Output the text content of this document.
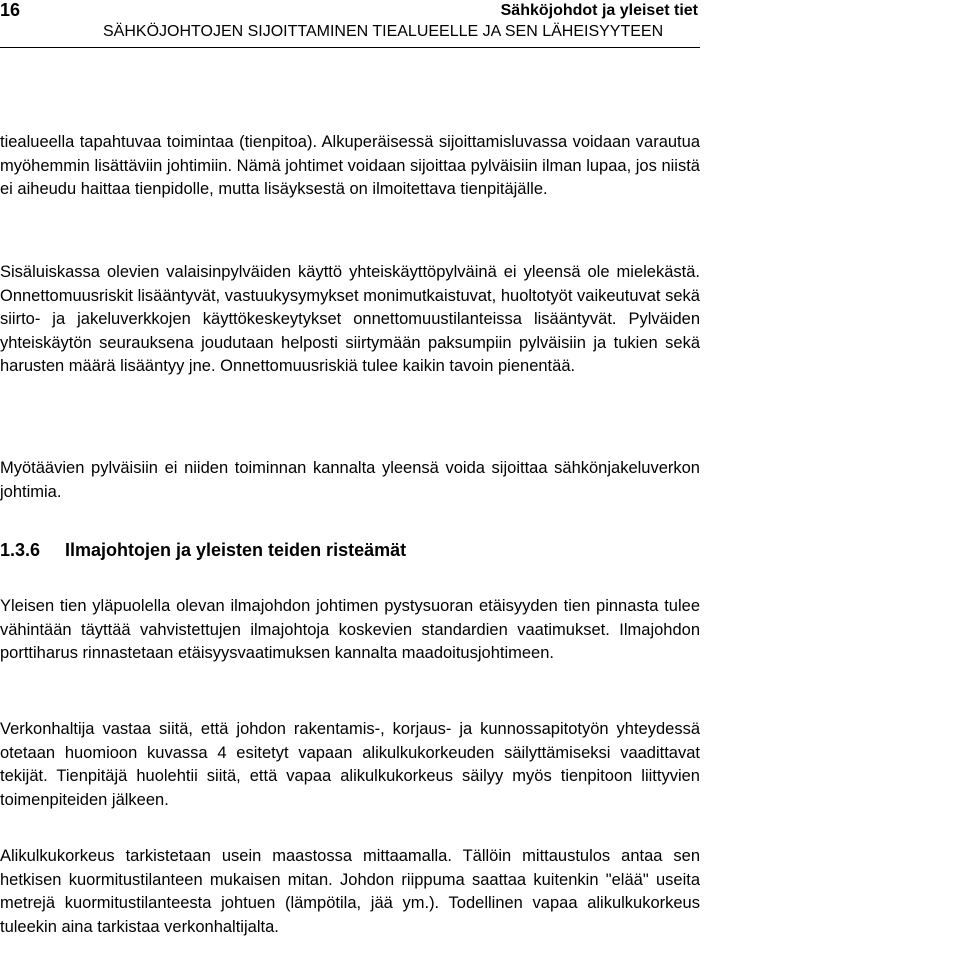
16	Sähköjohdot ja yleiset tiet
SÄHKÖJOHTOJEN SIJOITTAMINEN TIEALUEELLE JA SEN LÄHEISYYTEEN

tiealueella tapahtuvaa toimintaa (tienpitoa). Alkuperäisessä sijoittamisluvassa voidaan varautua myöhemmin lisättäviin johtimiin. Nämä johtimet voidaan sijoittaa pylväisiin ilman lupaa, jos niistä ei aiheudu haittaa tienpidolle, mutta lisäyksestä on ilmoitettava tienpitäjälle.

Sisäluiskassa olevien valaisinpylväiden käyttö yhteiskäyttöpylväinä ei yleensä ole mielekästä. Onnettomuusriskit lisääntyvät, vastuukysymykset monimutkaistuvat, huoltotyöt vaikeutuvat sekä siirto- ja jakeluverkkojen käyttökeskeytykset onnettomuustilanteissa lisääntyvät. Pylväiden yhteiskäytön seurauksena joudutaan helposti siirtymään paksumpiin pylväisiin ja tukien sekä harusten määrä lisääntyy jne. Onnettomuusriskiä tulee kaikin tavoin pienentää.

Myötäävien pylväisiin ei niiden toiminnan kannalta yleensä voida sijoittaa sähkönjakeluverkon johtimia.

1.3.6 Ilmajohtojen ja yleisten teiden risteämät

Yleisen tien yläpuolella olevan ilmajohdon johtimen pystysuoran etäisyyden tien pinnasta tulee vähintään täyttää vahvistettujen ilmajohtoja koskevien standardien vaatimukset. Ilmajohdon porttiharus rinnastetaan etäisyysvaatimuksen kannalta maadoitusjohtimeen.

Verkonhaltija vastaa siitä, että johdon rakentamis-, korjaus- ja kunnossapitotyön yhteydessä otetaan huomioon kuvassa 4 esitetyt vapaan alikulkukorkeuden säilyttämiseksi vaadittavat tekijät. Tienpitäjä huolehtii siitä, että vapaa alikulkukorkeus säilyy myös tienpitoon liittyvien toimenpiteiden jälkeen.

Alikulkukorkeus tarkistetaan usein maastossa mittaamalla. Tällöin mittaustulos antaa sen hetkisen kuormitustilanteen mukaisen mitan. Johdon riippuma saattaa kuitenkin "elää" useita metrejä kuormitustilanteesta johtuen (lämpötila, jää ym.). Todellinen vapaa alikulkukorkeus tuleekin aina tarkistaa verkonhaltijalta.
